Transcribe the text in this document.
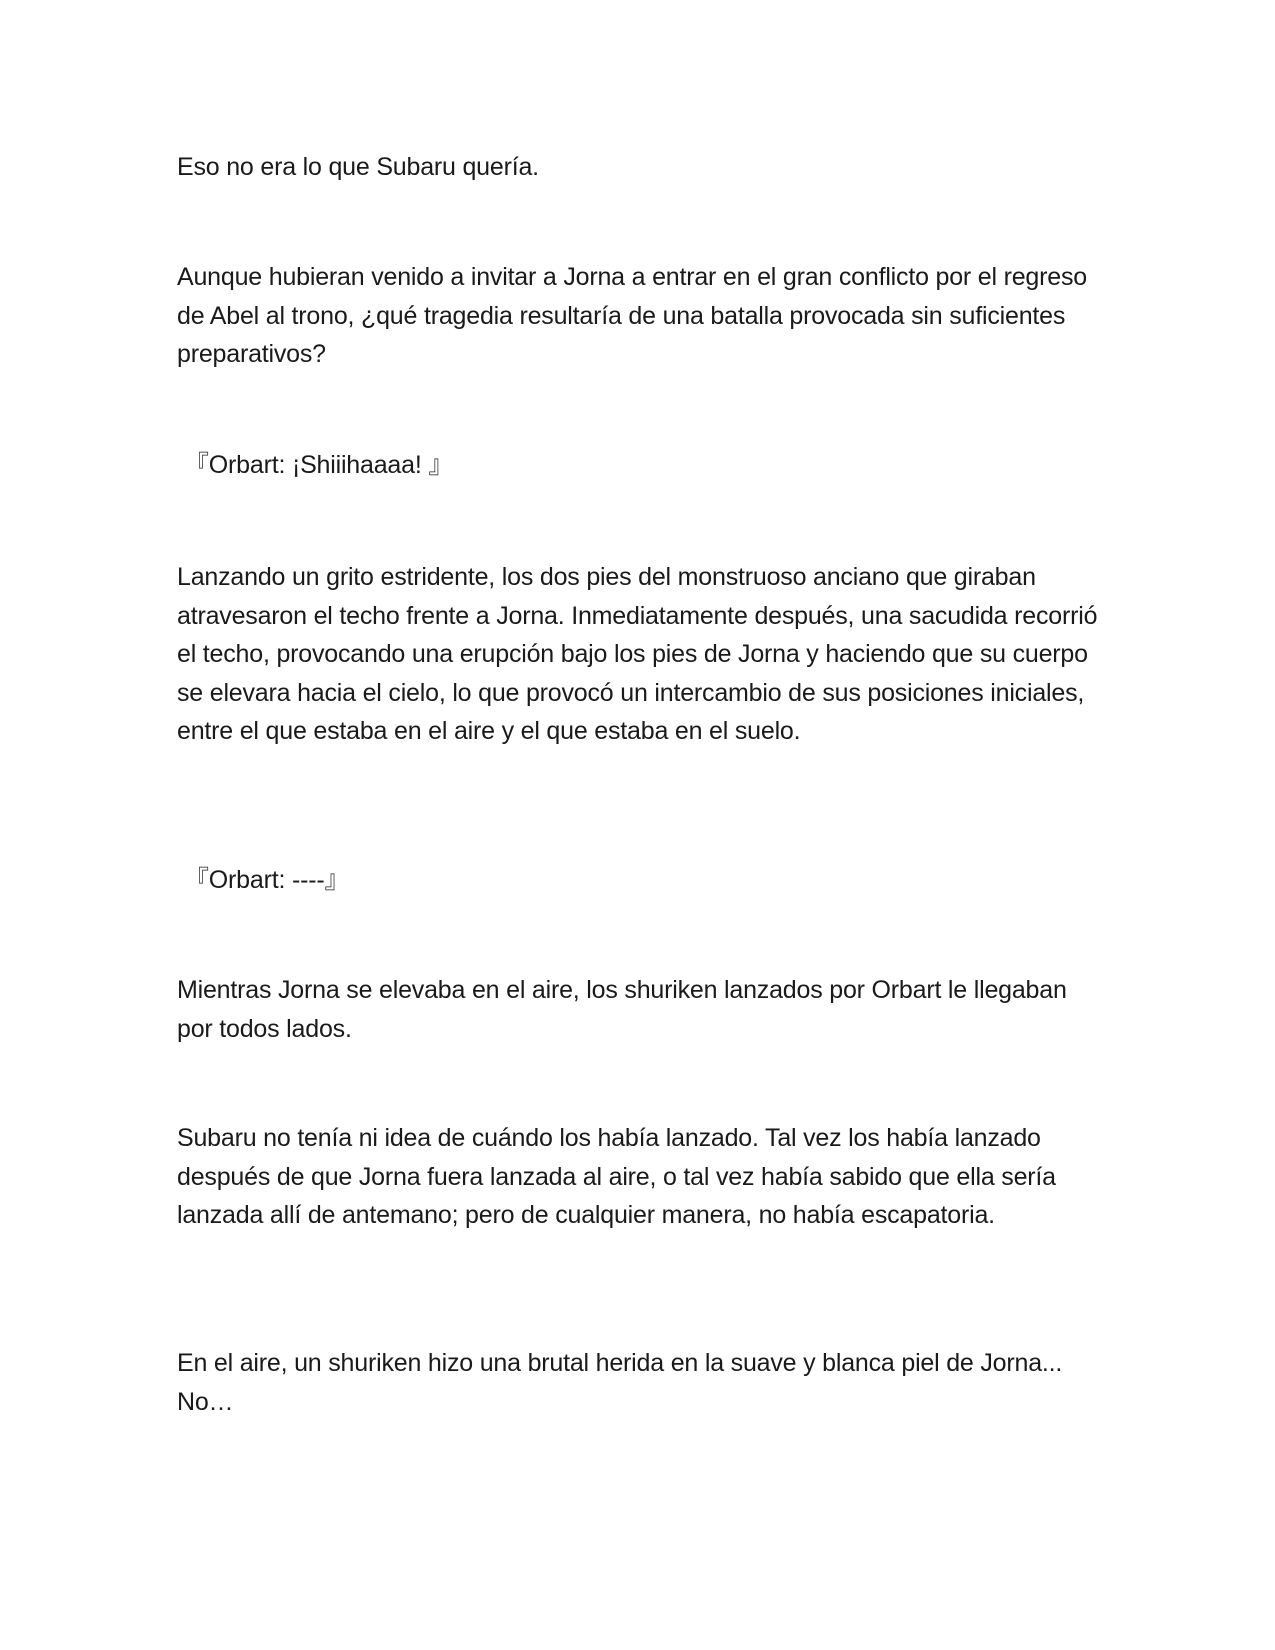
Eso no era lo que Subaru quería.

Aunque hubieran venido a invitar a Jorna a entrar en el gran conflicto por el regreso de Abel al trono, ¿qué tragedia resultaría de una batalla provocada sin suficientes preparativos?

『Orbart: ¡Shiiihaaaa! 』

Lanzando un grito estridente, los dos pies del monstruoso anciano que giraban atravesaron el techo frente a Jorna. Inmediatamente después, una sacudida recorrió el techo, provocando una erupción bajo los pies de Jorna y haciendo que su cuerpo se elevara hacia el cielo, lo que provocó un intercambio de sus posiciones iniciales, entre el que estaba en el aire y el que estaba en el suelo.

『Orbart: ----』

Mientras Jorna se elevaba en el aire, los shuriken lanzados por Orbart le llegaban por todos lados.

Subaru no tenía ni idea de cuándo los había lanzado. Tal vez los había lanzado después de que Jorna fuera lanzada al aire, o tal vez había sabido que ella sería lanzada allí de antemano; pero de cualquier manera, no había escapatoria.

En el aire, un shuriken hizo una brutal herida en la suave y blanca piel de Jorna... No…
